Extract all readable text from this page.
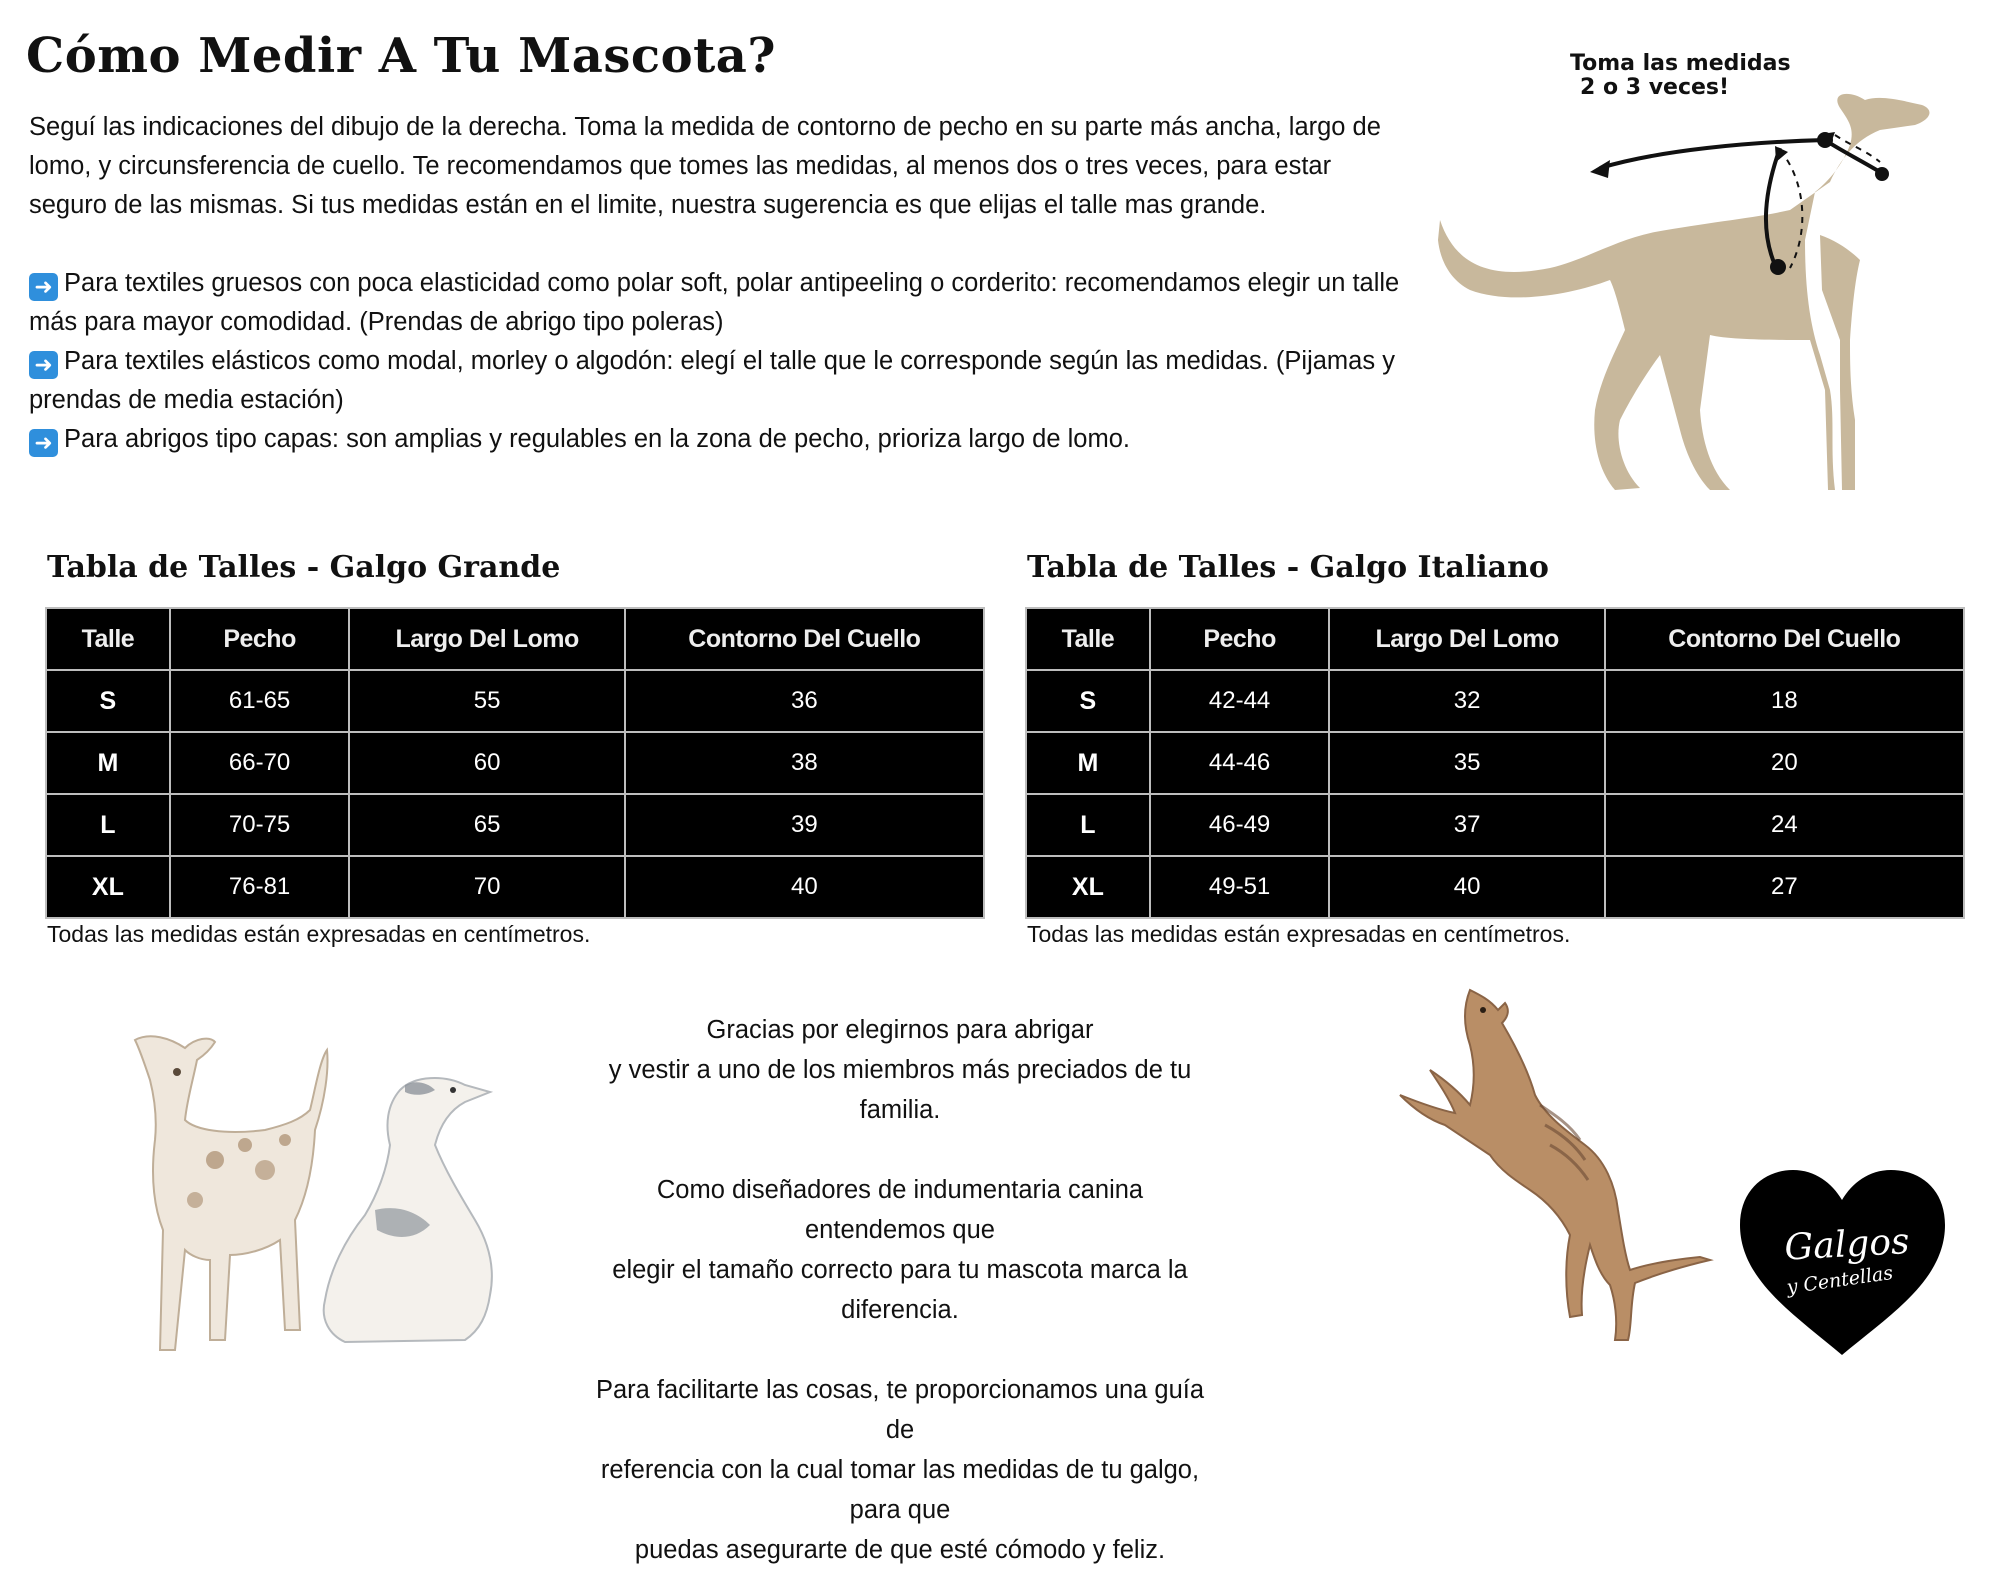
Cómo Medir A Tu Mascota?

Seguí las indicaciones del dibujo de la derecha. Toma la medida de contorno de pecho en su parte más ancha, largo de lomo, y circunsferencia de cuello. Te recomendamos que tomes las medidas, al menos dos o tres veces, para estar seguro de las mismas. Si tus medidas están en el limite, nuestra sugerencia es que elijas el talle mas grande.

➜ Para textiles gruesos con poca elasticidad como polar soft, polar antipeeling o corderito: recomendamos elegir un talle más para mayor comodidad. (Prendas de abrigo tipo poleras)

➜ Para textiles elásticos como modal, morley o algodón: elegí el talle que le corresponde según las medidas. (Pijamas y prendas de media estación)

➜ Para abrigos tipo capas: son amplias y regulables en la zona de pecho, prioriza largo de lomo.

Toma las medidas
2 o 3 veces!
Tabla de Talles - Galgo Grande
Talle	Pecho	Largo Del Lomo	Contorno Del Cuello
S	61-65	55	36
M	66-70	60	38
L	70-75	65	39
XL	76-81	70	40
Todas las medidas están expresadas en centímetros.
Tabla de Talles - Galgo Italiano
Talle	Pecho	Largo Del Lomo	Contorno Del Cuello
S	42-44	32	18
M	44-46	35	20
L	46-49	37	24
XL	49-51	40	27
Todas las medidas están expresadas en centímetros.
Gracias por elegirnos para abrigar
y vestir a uno de los miembros más preciados de tu familia.
Como diseñadores de indumentaria canina entendemos que
elegir el tamaño correcto para tu mascota marca la diferencia.
Para facilitarte las cosas, te proporcionamos una guía de
referencia con la cual tomar las medidas de tu galgo, para que
puedas asegurarte de que esté cómodo y feliz.
Galgos
y Centellas
